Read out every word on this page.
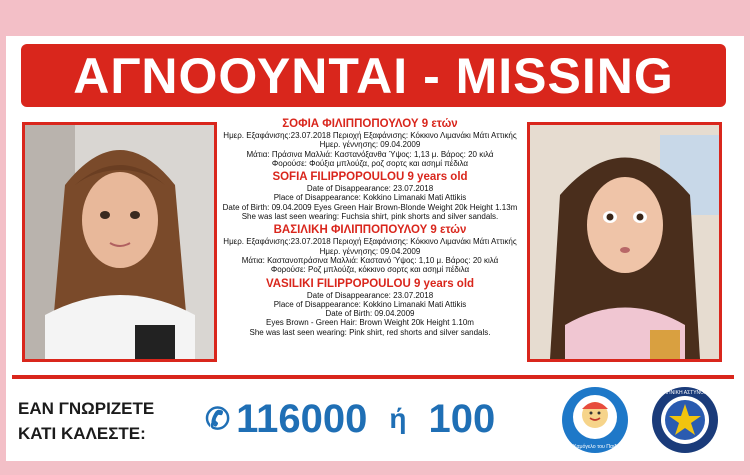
ΑΓΝΟΟΥΝΤΑΙ - MISSING
ΣΟΦΙΑ ΦΙΛΙΠΠΟΠΟΥΛΟΥ 9 ετών
Ημερ. Εξαφάνισης:23.07.2018 Περιοχή Εξαφάνισης: Κόκκινο Λιμανάκι Μάτι Αττικής
Ημερ. γέννησης: 09.04.2009
Μάτια: Πράσινα Μαλλιά: Καστανόξανθα Ύψος: 1,13 μ. Βάρος: 20 κιλά
Φορούσε: Φούξια μπλούζα, ροζ σορτς και ασημί πέδιλα
SOFIA FILIPPOPOULOU 9 years old
Date of Disappearance: 23.07.2018
Place of Disappearance: Kokkino Limanaki Mati Attikis
Date of Birth: 09.04.2009 Eyes Green Hair Brown-Blonde Weight 20k Height 1.13m
She was last seen wearing: Fuchsia shirt, pink shorts and silver sandals.
ΒΑΣΙΛΙΚΗ ΦΙΛΙΠΠΟΠΟΥΛΟΥ 9 ετών
Ημερ. Εξαφάνισης:23.07.2018 Περιοχή Εξαφάνισης: Κόκκινο Λιμανάκι Μάτι Αττικής
Ημερ. γέννησης: 09.04.2009
Μάτια: Καστανοπράσινα Μαλλιά: Καστανό Ύψος: 1,10 μ. Βάρος: 20 κιλά
Φορούσε: Ροζ μπλούζα, κόκκινο σορτς και ασημί πέδιλα
VASILIKI FILIPPOPOULOU 9 years old
Date of Disappearance: 23.07.2018
Place of Disappearance: Kokkino Limanaki Mati Attikis
Date of Birth: 09.04.2009
Eyes Brown - Green Hair: Brown Weight 20k Height 1.10m
She was last seen wearing: Pink shirt, red shorts and silver sandals.
ΕΑΝ ΓΝΩΡΙΖΕΤΕ
ΚΑΤΙ ΚΑΛΕΣΤΕ: ✆ 116000 ή 100
Το Χαμόγελο του Παιδιού
ΕΛΛΗΝΙΚΗ ΑΣΤΥΝΟΜΙΑ
